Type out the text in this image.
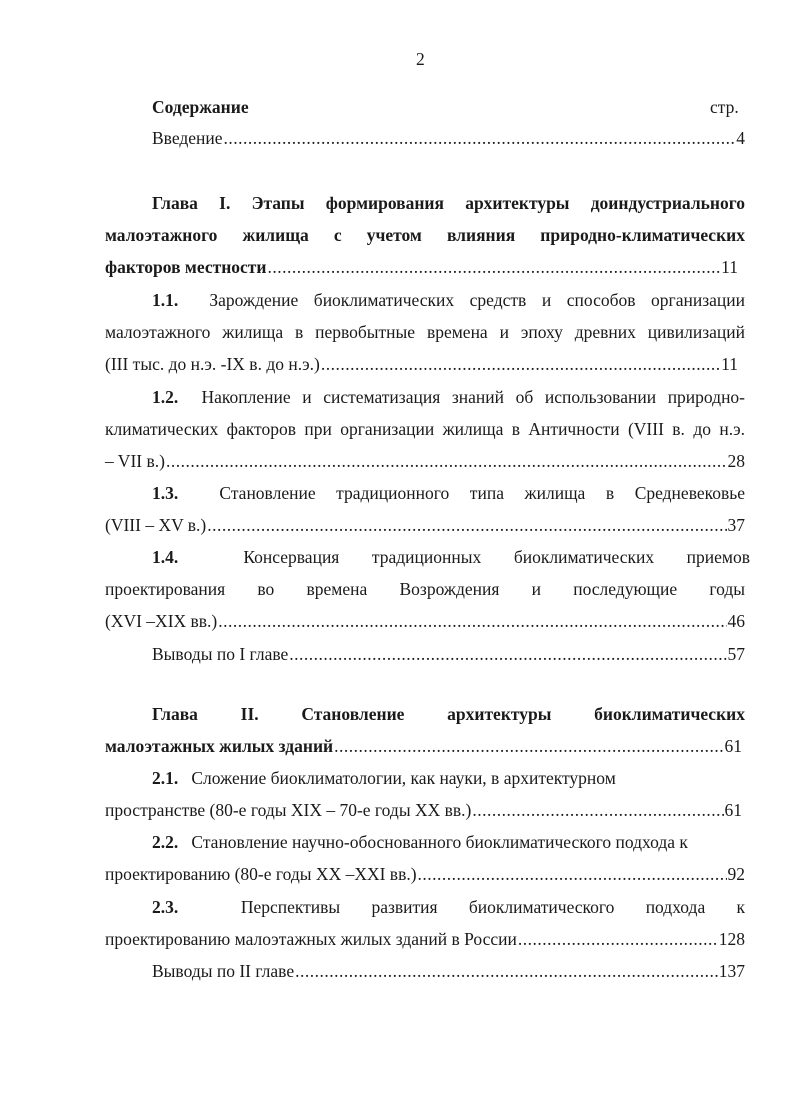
2
Содержание	стр.
Введение .....	4
Глава I. Этапы формирования архитектуры доиндустриального
малоэтажного жилища с учетом влияния природно-климатических
факторов местности .....	11
1.1. Зарождение биоклиматических средств и способов организации
малоэтажного жилища в первобытные времена и эпоху древних цивилизаций
(III тыс. до н.э. -IX в. до н.э.) .....	11
1.2. Накопление и систематизация знаний об использовании природно-
климатических факторов при организации жилища в Античности (VIII в. до н.э.
– VII в.) .....	28
1.3. Становление традиционного типа жилища в Средневековье
(VIII – XV в.) .....	37
1.4.	Консервация традиционных биоклиматических приемов
проектирования во времена Возрождения и последующие годы
(XVI –XIX вв.) .....	46
Выводы по I главе .....	57
Глава II. Становление архитектуры биоклиматических
малоэтажных жилых зданий .....	61
2.1. Сложение биоклиматологии, как науки, в архитектурном
пространстве (80-е годы XIX – 70-е годы XX вв.) .....	61
2.2. Становление научно-обоснованного биоклиматического подхода к
проектированию (80-е годы XX –XXI вв.) .....	92
2.3.	Перспективы развития биоклиматического подхода к
проектированию малоэтажных жилых зданий в России .....	128
Выводы по II главе .....	137
